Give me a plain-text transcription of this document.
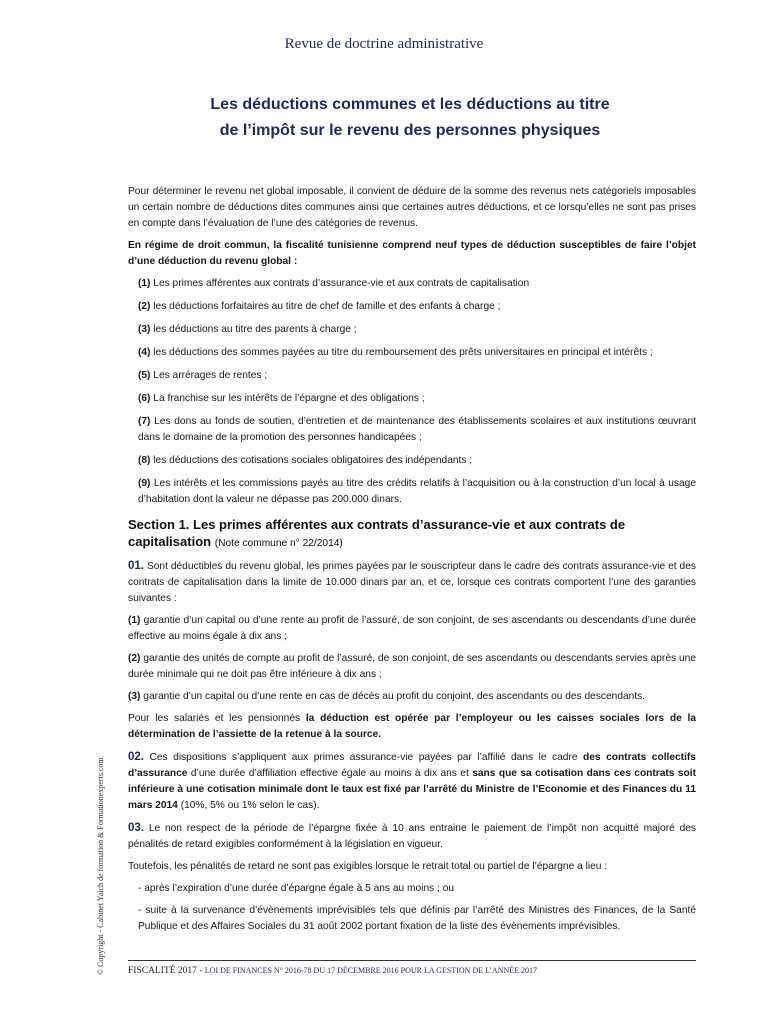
Revue de doctrine administrative
Les déductions communes et les déductions au titre
de l’impôt sur le revenu des personnes physiques

Pour déterminer le revenu net global imposable, il convient de déduire de la somme des revenus nets catégoriels imposables un certain nombre de déductions dites communes ainsi que certaines autres déductions, et ce lorsqu’elles ne sont pas prises en compte dans l’évaluation de l’une des catégories de revenus.

En régime de droit commun, la fiscalité tunisienne comprend neuf types de déduction susceptibles de faire l’objet d’une déduction du revenu global :

(1) Les primes afférentes aux contrats d’assurance-vie et aux contrats de capitalisation

(2) les déductions forfaitaires au titre de chef de famille et des enfants à charge ;

(3) les déductions au titre des parents à charge ;

(4) les déductions des sommes payées au titre du remboursement des prêts universitaires en principal et intérêts ;

(5) Les arrérages de rentes ;

(6) La franchise sur les intérêts de l’épargne et des obligations ;

(7) Les dons au fonds de soutien, d’entretien et de maintenance des établissements scolaires et aux institutions œuvrant dans le domaine de la promotion des personnes handicapées ;

(8) les déductions des cotisations sociales obligatoires des indépendants ;

(9) Les intérêts et les commissions payés au titre des crédits relatifs à l’acquisition ou à la construction d’un local à usage d’habitation dont la valeur ne dépasse pas 200.000 dinars.

Section 1. Les primes afférentes aux contrats d’assurance-vie et aux contrats de capitalisation (Note commune n° 22/2014)

01. Sont déductibles du revenu global, les primes payées par le souscripteur dans le cadre des contrats assurance-vie et des contrats de capitalisation dans la limite de 10.000 dinars par an, et ce, lorsque ces contrats comportent l’une des garanties suivantes :

(1) garantie d’un capital ou d’une rente au profit de l’assuré, de son conjoint, de ses ascendants ou descendants d’une durée effective au moins égale à dix ans ;

(2) garantie des unités de compte au profit de l’assuré, de son conjoint, de ses ascendants ou descendants servies après une durée minimale qui ne doit pas être inférieure à dix ans ;

(3) garantie d’un capital ou d’une rente en cas de décès au profit du conjoint, des ascendants ou des descendants.

Pour les salariés et les pensionnés la déduction est opérée par l’employeur ou les caisses sociales lors de la détermination de l’assiette de la retenue à la source.

02. Ces dispositions s’appliquent aux primes assurance-vie payées par l’affilié dans le cadre des contrats collectifs d’assurance d’une durée d’affiliation effective égale au moins à dix ans et sans que sa cotisation dans ces contrats soit inférieure à une cotisation minimale dont le taux est fixé par l’arrêté du Ministre de l’Economie et des Finances du 11 mars 2014 (10%, 5% ou 1% selon le cas).

03. Le non respect de la période de l’épargne fixée à 10 ans entraine le paiement de l’impôt non acquitté majoré des pénalités de retard exigibles conformément à la législation en vigueur.

Toutefois, les pénalités de retard ne sont pas exigibles lorsque le retrait total ou partiel de l’épargne a lieu :

- après l’expiration d’une durée d’épargne égale à 5 ans au moins ; ou

- suite à la survenance d’évènements imprévisibles tels que définis par l’arrêté des Ministres des Finances, de la Santé Publique et des Affaires Sociales du 31 août 2002 portant fixation de la liste des évènements imprévisibles.

FISCALITÉ 2017 - LOI DE FINANCES N° 2016-78 DU 17 DÉCEMBRE 2016 POUR LA GESTION DE L’ANNÉE 2017
© Copyright - Cabinet Yaich de formation & Formationexperts.com
